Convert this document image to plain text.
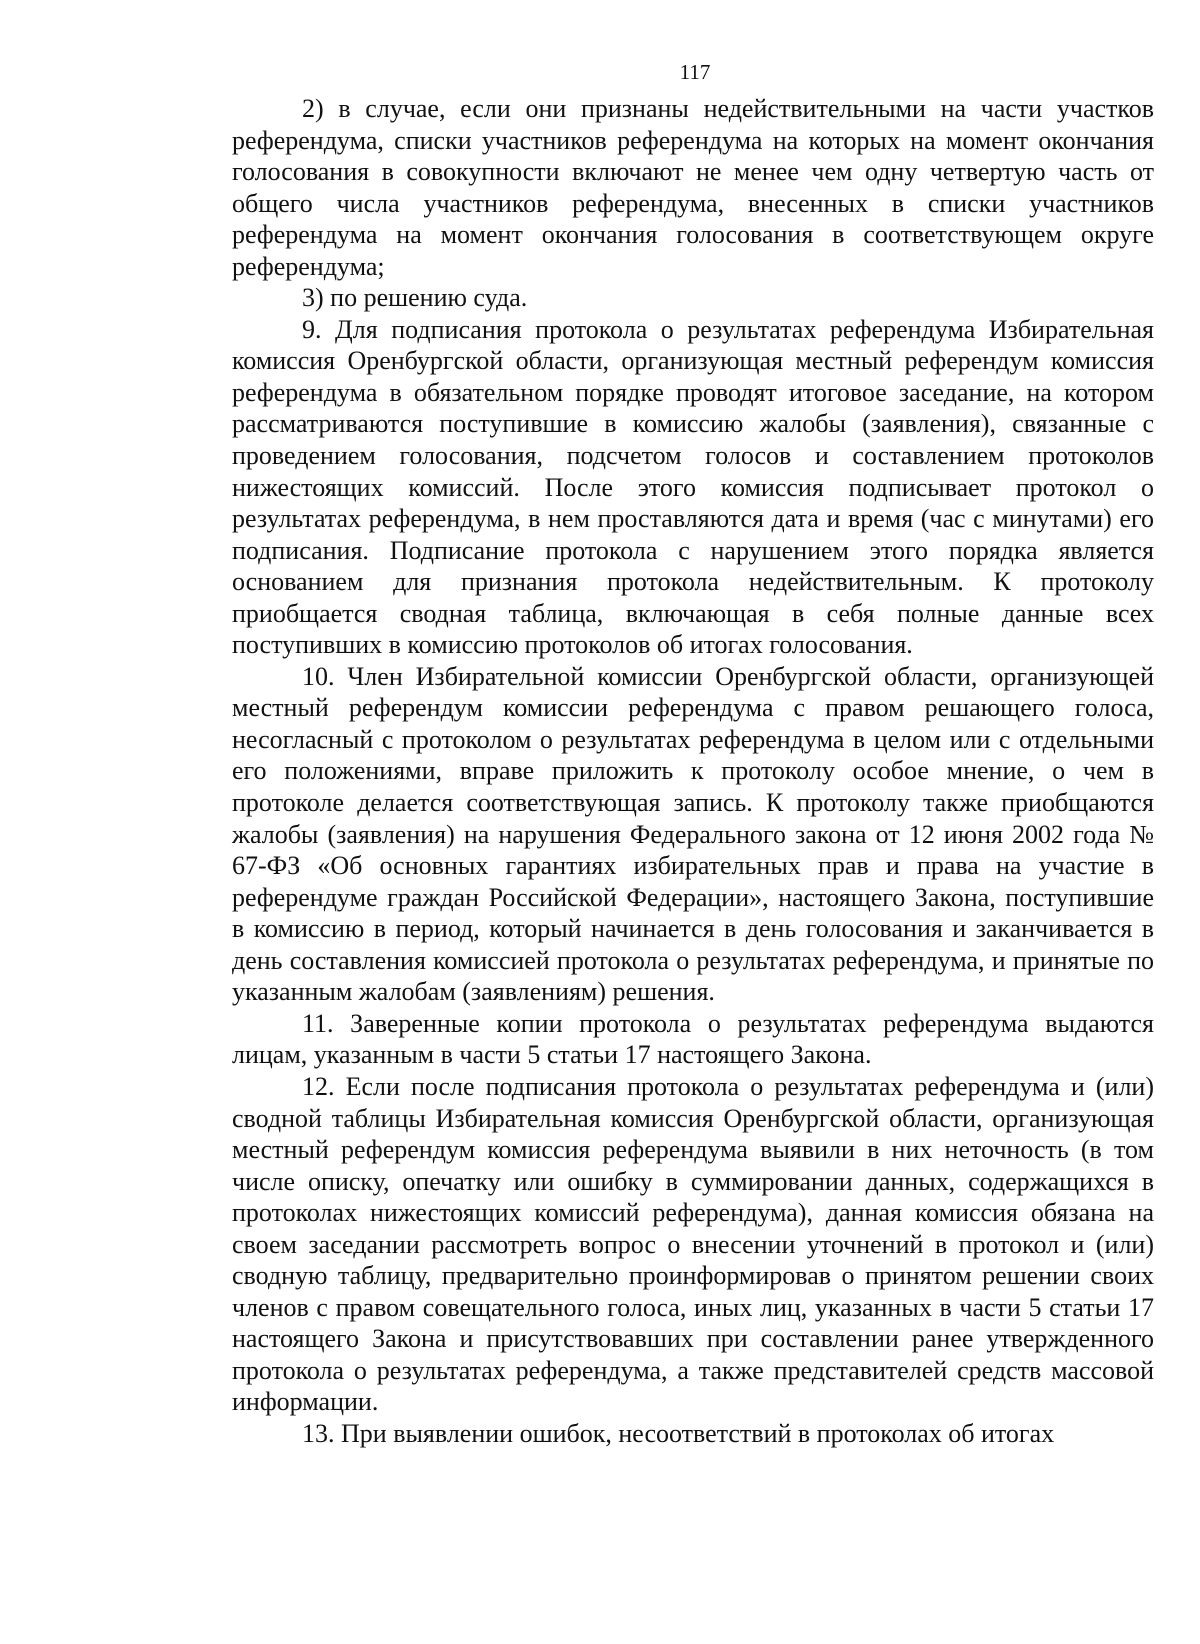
117

2) в случае, если они признаны недействительными на части участков референдума, списки участников референдума на которых на момент окончания голосования в совокупности включают не менее чем одну четвертую часть от общего числа участников референдума, внесенных в списки участников референдума на момент окончания голосования в соответствующем округе референдума;

3) по решению суда.

9. Для подписания протокола о результатах референдума Избирательная комиссия Оренбургской области, организующая местный референдум комиссия референдума в обязательном порядке проводят итоговое заседание, на котором рассматриваются поступившие в комиссию жалобы (заявления), связанные с проведением голосования, подсчетом голосов и составлением протоколов нижестоящих комиссий. После этого комиссия подписывает протокол о результатах референдума, в нем проставляются дата и время (час с минутами) его подписания. Подписание протокола с нарушением этого порядка является основанием для признания протокола недействительным. К протоколу приобщается сводная таблица, включающая в себя полные данные всех поступивших в комиссию протоколов об итогах голосования.

10. Член Избирательной комиссии Оренбургской области, организующей местный референдум комиссии референдума с правом решающего голоса, несогласный с протоколом о результатах референдума в целом или с отдельными его положениями, вправе приложить к протоколу особое мнение, о чем в протоколе делается соответствующая запись. К протоколу также приобщаются жалобы (заявления) на нарушения Федерального закона от 12 июня 2002 года № 67-ФЗ «Об основных гарантиях избирательных прав и права на участие в референдуме граждан Российской Федерации», настоящего Закона, поступившие в комиссию в период, который начинается в день голосования и заканчивается в день составления комиссией протокола о результатах референдума, и принятые по указанным жалобам (заявлениям) решения.

11. Заверенные копии протокола о результатах референдума выдаются лицам, указанным в части 5 статьи 17 настоящего Закона.

12. Если после подписания протокола о результатах референдума и (или) сводной таблицы Избирательная комиссия Оренбургской области, организующая местный референдум комиссия референдума выявили в них неточность (в том числе описку, опечатку или ошибку в суммировании данных, содержащихся в протоколах нижестоящих комиссий референдума), данная комиссия обязана на своем заседании рассмотреть вопрос о внесении уточнений в протокол и (или) сводную таблицу, предварительно проинформировав о принятом решении своих членов с правом совещательного голоса, иных лиц, указанных в части 5 статьи 17 настоящего Закона и присутствовавших при составлении ранее утвержденного протокола о результатах референдума, а также представителей средств массовой информации.

13. При выявлении ошибок, несоответствий в протоколах об итогах
